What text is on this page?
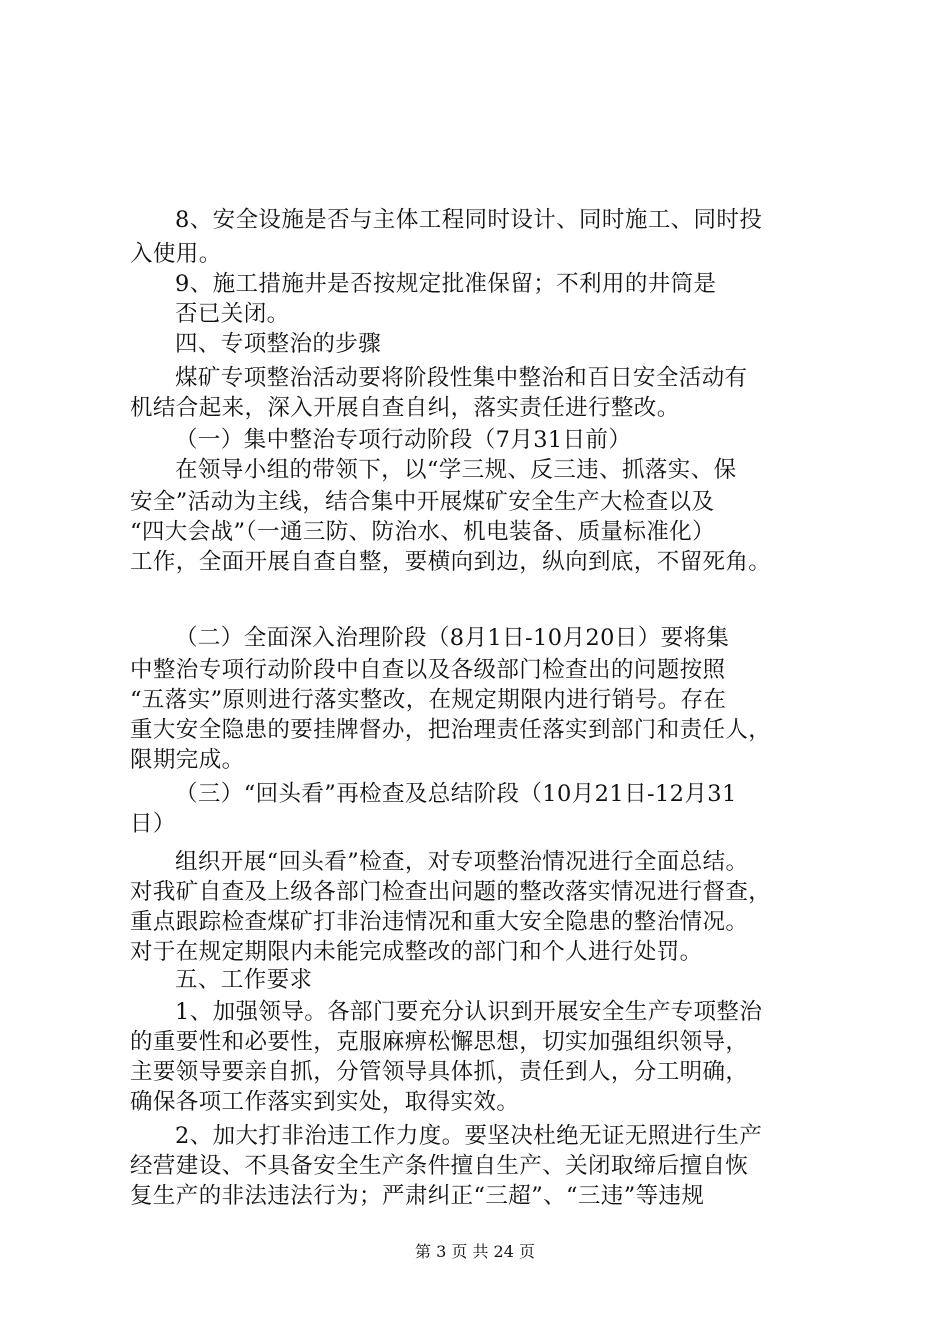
8、安全设施是否与主体工程同时设计、同时施工、同时投
入使用。
9、施工措施井是否按规定批准保留；不利用的井筒是
否已关闭。
四、专项整治的步骤
煤矿专项整治活动要将阶段性集中整治和百日安全活动有
机结合起来，深入开展自查自纠，落实责任进行整改。
（一）集中整治专项行动阶段（7月31日前）
在领导小组的带领下，以“学三规、反三违、抓落实、保
安全”活动为主线，结合集中开展煤矿安全生产大检查以及
“四大会战”（一通三防、防治水、机电装备、质量标准化）
工作，全面开展自查自整，要横向到边，纵向到底，不留死角。
（二）全面深入治理阶段（8月1日-10月20日）要将集
中整治专项行动阶段中自查以及各级部门检查出的问题按照
“五落实”原则进行落实整改，在规定期限内进行销号。存在
重大安全隐患的要挂牌督办，把治理责任落实到部门和责任人，
限期完成。
（三）“回头看”再检查及总结阶段（10月21日-12月31
日）
组织开展“回头看”检查，对专项整治情况进行全面总结。
对我矿自查及上级各部门检查出问题的整改落实情况进行督查，
重点跟踪检查煤矿打非治违情况和重大安全隐患的整治情况。
对于在规定期限内未能完成整改的部门和个人进行处罚。
五、工作要求
1、加强领导。各部门要充分认识到开展安全生产专项整治
的重要性和必要性，克服麻痹松懈思想，切实加强组织领导，
主要领导要亲自抓，分管领导具体抓，责任到人，分工明确，
确保各项工作落实到实处，取得实效。
2、加大打非治违工作力度。要坚决杜绝无证无照进行生产
经营建设、不具备安全生产条件擅自生产、关闭取缔后擅自恢
复生产的非法违法行为；严肃纠正“三超”、“三违”等违规
第 3 页 共 24 页
